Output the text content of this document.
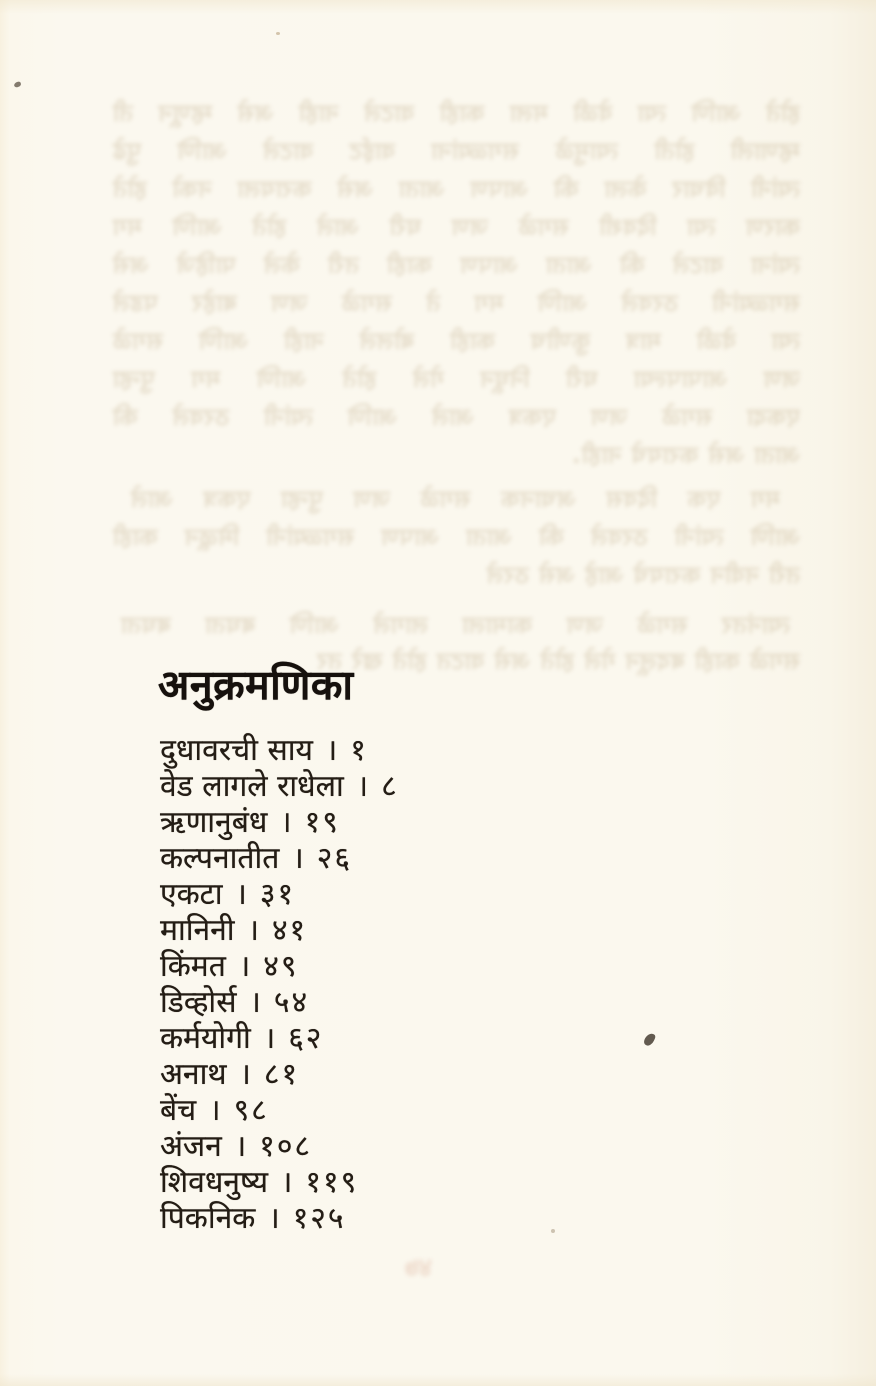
होते आणि त्या वेळी मला काही वाटले नाही असे म्हणून ती
म्हणाली होती त्यामुळे सगळ्यांना वाईट वाटले आणि पुढे
त्यांनी विचार केला की आपण आता असे करायला नको होते
कारण त्या दिवशी सगळे जण घरी आले होते आणि मग
त्यांना वाटले की आता आपण काही तरी केले पाहिजे असे
सगळ्यांनी ठरवले आणि मग ते सगळे जण बाहेर पडले
त्या वेळी मात्र कुणीच काही बोलले नाही आणि सगळे
जण आपापल्या घरी निघून गेले होते आणि मग पुन्हा
एकदा सगळे जण एकत्र आले आणि त्यांनी ठरवले की
आता असे करायचे नाही.
मग एक दिवस अचानक सगळे जण पुन्हा एकत्र आले
आणि त्यांनी ठरवले की आता आपण सगळ्यांनी मिळून काही
तरी नवीन करायचे आहे असे ठरले
त्यानंतर सगळे जण कामाला लागले आणि बघता बघता
सगळे काही बदलून गेले होते असे वाटत होते खरे तर
अनुक्रमणिका
दुधावरची साय । १
वेड लागले राधेला । ८
ऋणानुबंध । १९
कल्पनातीत । २६
एकटा । ३१
मानिनी । ४१
किंमत । ४९
डिव्होर्स । ५४
कर्मयोगी । ६२
अनाथ । ८१
बेंच । ९८
अंजन । १०८
शिवधनुष्य । ११९
पिकनिक । १२५
४७
